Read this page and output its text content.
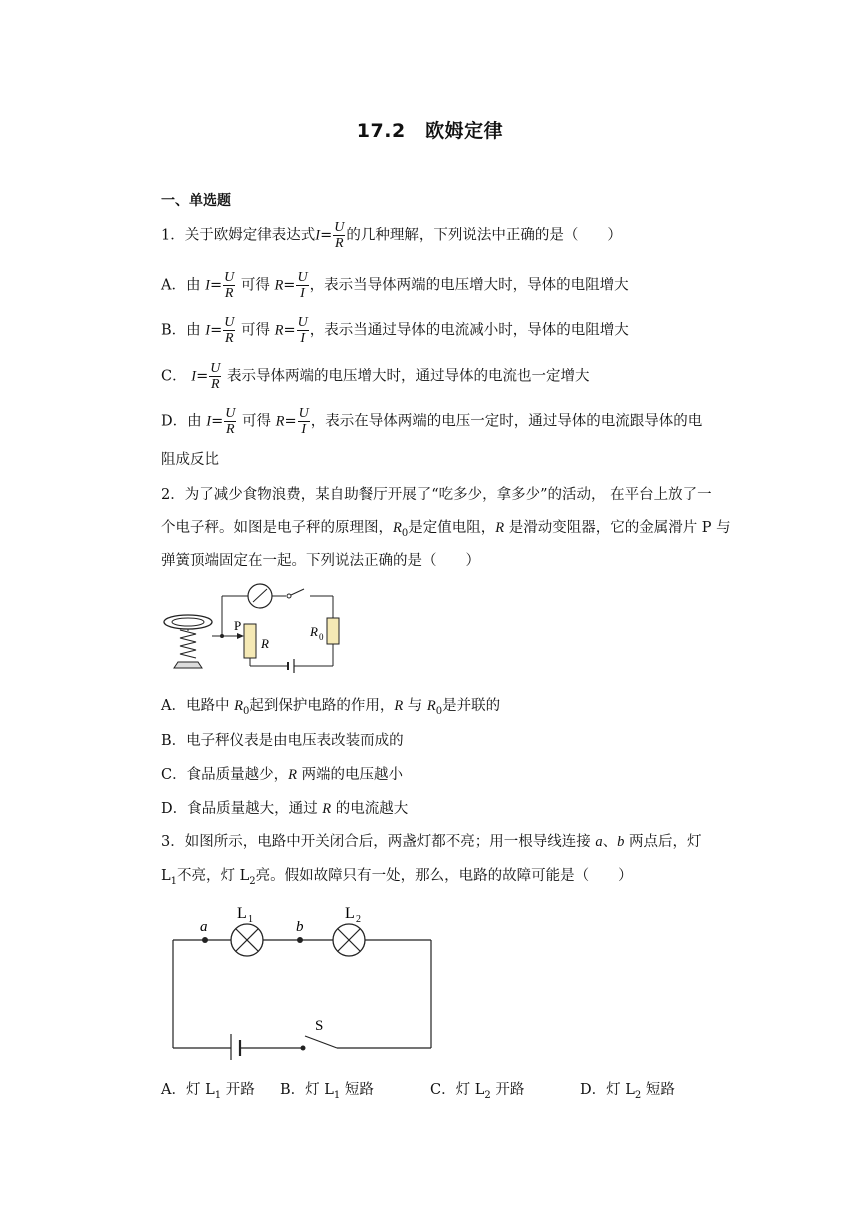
17.2　欧姆定律
一、单选题
1．关于欧姆定律表达式$I= \frac{U}{R}$ 的几种理解，下列说法中正确的是（　　）
A．由 $I= \frac{U}{R}$ 可得 $R= \frac{U}{I}$ ，表示当导体两端的电压增大时，导体的电阻增大
B．由 $I= \frac{U}{R}$ 可得 $R= \frac{U}{I}$ ，表示当通过导体的电流减小时，导体的电阻增大
C． $I= \frac{U}{R}$ 表示导体两端的电压增大时，通过导体的电流也一定增大
D．由 $I= \frac{U}{R}$ 可得 $R= \frac{U}{I}$ ，表示在导体两端的电压一定时，通过导体的电流跟导体的电
阻成反比
2．为了减少食物浪费，某自助餐厅开展了“吃多少，拿多少”的活动， 在平台上放了一
个电子秤。如图是电子秤的原理图，$R_0$是定值电阻，R 是滑动变阻器，它的金属滑片 P 与
弹簧顶端固定在一起。下列说法正确的是（　　）
P
R
R 0
A．电路中 $R_0$起到保护电路的作用，R 与 $R_0$是并联的
B．电子秤仪表是由电压表改装而成的
C．食品质量越少，R 两端的电压越小
D．食品质量越大，通过 R 的电流越大
3．如图所示，电路中开关闭合后，两盏灯都不亮；用一根导线连接 a、b 两点后，灯
$L_1$不亮，灯 $L_2$亮。假如故障只有一处，那么，电路的故障可能是（　　）
a
L 1	b
L 2
S
A．灯 $L_1$ 开路 B．灯 $L_1$ 短路	C．灯 $L_2$ 开路	D．灯 $L_2$ 短路
